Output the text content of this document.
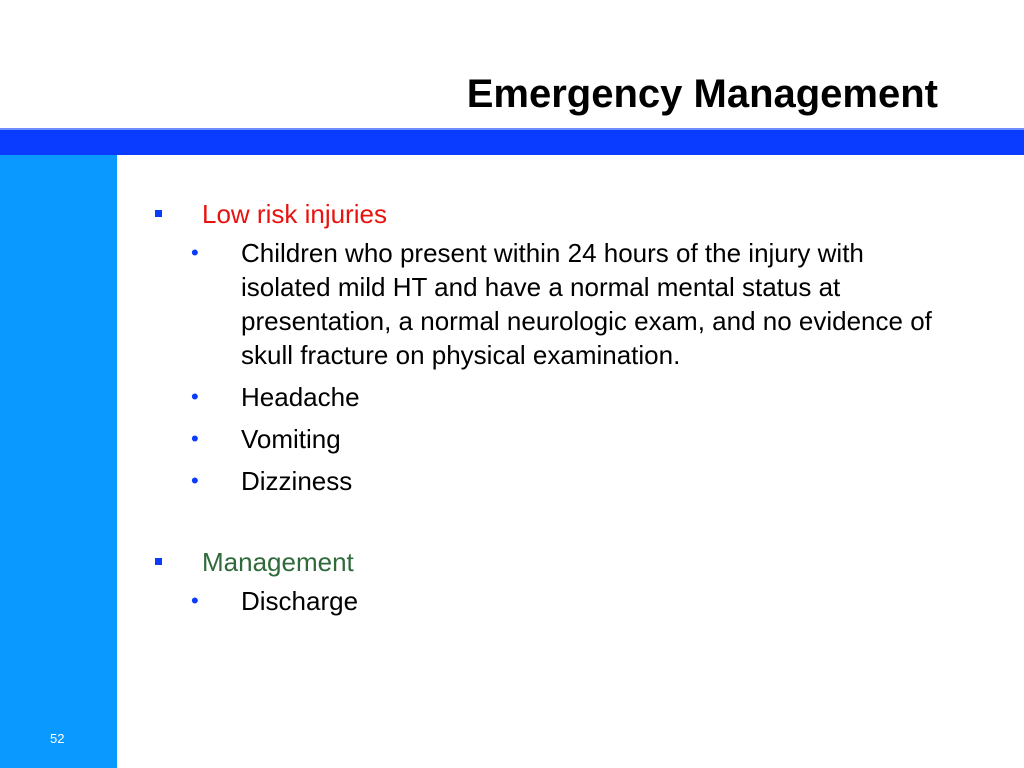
Emergency Management
52
Low risk injuries
• Children who present within 24 hours of the injury with isolated mild HT and have a normal mental status at presentation, a normal neurologic exam, and no evidence of skull fracture on physical examination.
• Headache
• Vomiting
• Dizziness
Management
• Discharge
